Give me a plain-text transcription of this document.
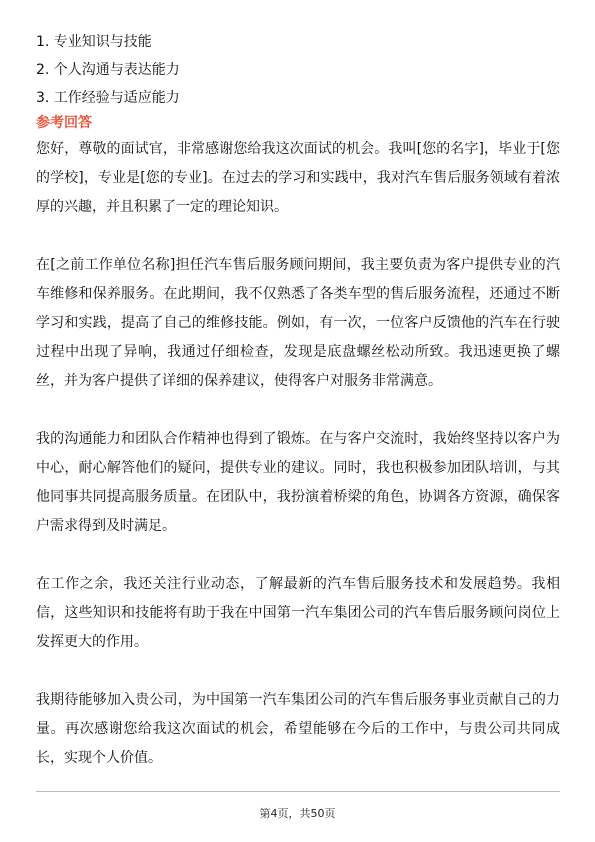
1. 专业知识与技能
2. 个人沟通与表达能力
3. 工作经验与适应能力
参考回答

您好，尊敬的面试官，非常感谢您给我这次面试的机会。我叫[您的名字]，毕业于[您的学校]，专业是[您的专业]。在过去的学习和实践中，我对汽车售后服务领域有着浓厚的兴趣，并且积累了一定的理论知识。

在[之前工作单位名称]担任汽车售后服务顾问期间，我主要负责为客户提供专业的汽车维修和保养服务。在此期间，我不仅熟悉了各类车型的售后服务流程，还通过不断学习和实践，提高了自己的维修技能。例如，有一次，一位客户反馈他的汽车在行驶过程中出现了异响，我通过仔细检查，发现是底盘螺丝松动所致。我迅速更换了螺丝，并为客户提供了详细的保养建议，使得客户对服务非常满意。

我的沟通能力和团队合作精神也得到了锻炼。在与客户交流时，我始终坚持以客户为中心，耐心解答他们的疑问，提供专业的建议。同时，我也积极参加团队培训，与其他同事共同提高服务质量。在团队中，我扮演着桥梁的角色，协调各方资源，确保客户需求得到及时满足。

在工作之余，我还关注行业动态，了解最新的汽车售后服务技术和发展趋势。我相信，这些知识和技能将有助于我在中国第一汽车集团公司的汽车售后服务顾问岗位上发挥更大的作用。

我期待能够加入贵公司，为中国第一汽车集团公司的汽车售后服务事业贡献自己的力量。再次感谢您给我这次面试的机会，希望能够在今后的工作中，与贵公司共同成长，实现个人价值。

第4页，共50页
